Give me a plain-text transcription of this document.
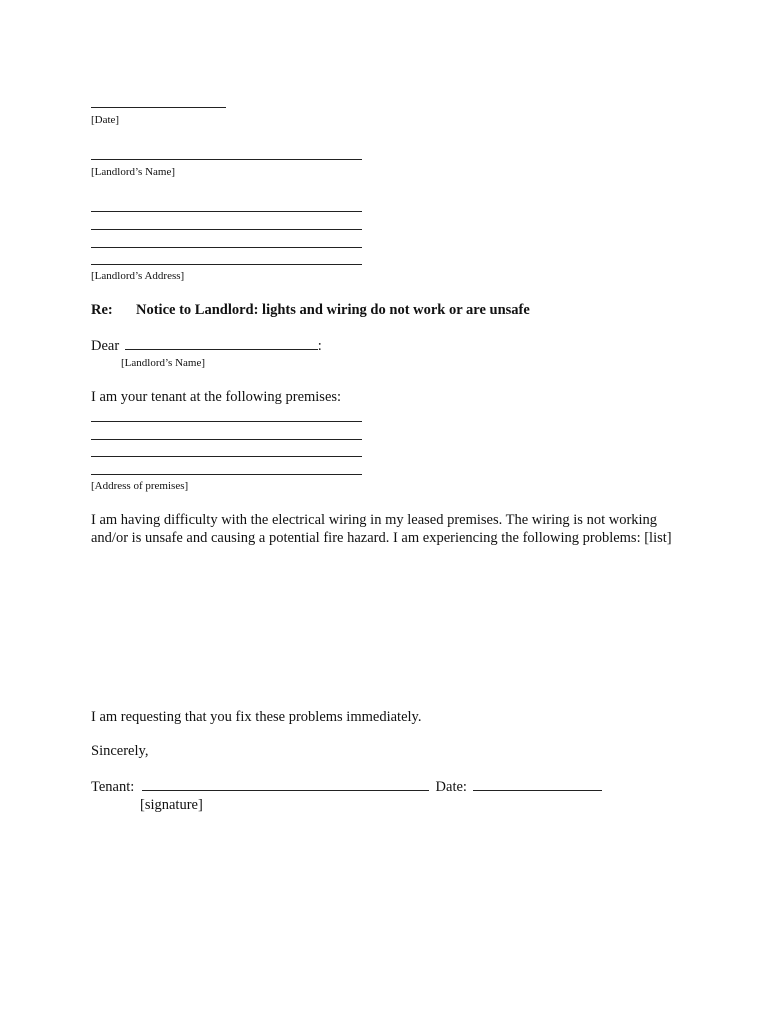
[Date]
[Landlord’s Name]
[Landlord’s Address]
Re: Notice to Landlord: lights and wiring do not work or are unsafe
Dear	:
[Landlord’s Name]
I am your tenant at the following premises:
[Address of premises]
I am having difficulty with the electrical wiring in my leased premises. The wiring is not working and/or is unsafe and causing a potential fire hazard. I am experiencing the following problems: [list]
I am requesting that you fix these problems immediately.
Sincerely,
Tenant:	Date:
[signature]
